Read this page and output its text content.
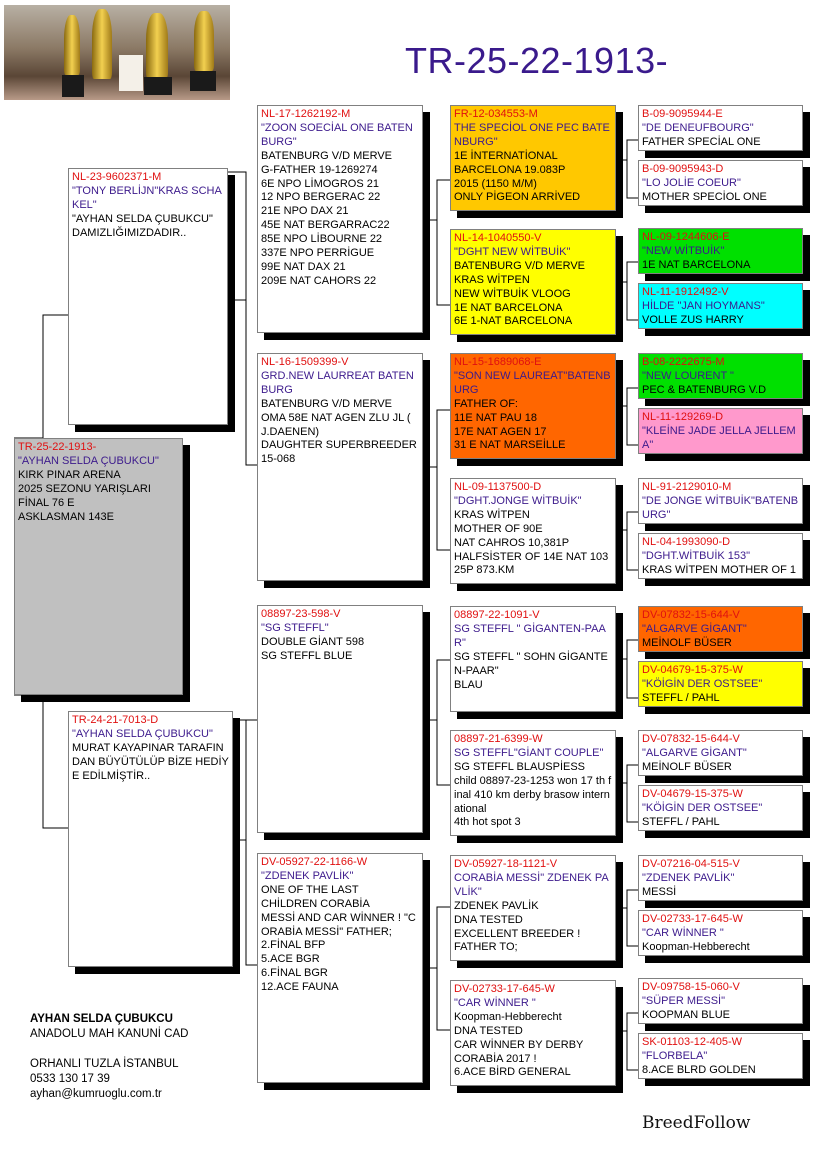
TR-25-22-1913-
TR-25-22-1913-
"AYHAN SELDA ÇUBUKCU"
KIRK PINAR ARENA
2025 SEZONU YARIŞLARI
FİNAL 76 E
ASKLASMAN 143E
NL-23-9602371-M
"TONY BERLİJN"KRAS SCHAKEL"
"AYHAN SELDA ÇUBUKCU"
DAMIZLIĞIMIZDADIR..
TR-24-21-7013-D
"AYHAN SELDA ÇUBUKCU"
MURAT KAYAPINAR TARAFINDAN BÜYÜTÜLÜP BİZE HEDİYE EDİLMİŞTİR..
NL-17-1262192-M
"ZOON SOECİAL ONE BATENBURG"
BATENBURG V/D MERVE
G-FATHER 19-1269274
6E NPO LİMOGROS 21
12 NPO BERGERAC 22
21E NPO DAX 21
45E NAT BERGARRAC22
85E NPO LİBOURNE 22
337E NPO PERRİGUE
99E NAT DAX 21
209E NAT CAHORS 22
NL-16-1509399-V
GRD.NEW LAURREAT BATENBURG
BATENBURG V/D MERVE
OMA 58E NAT AGEN ZLU JL ( J.DAENEN)
DAUGHTER SUPERBREEDER
15-068
08897-23-598-V
"SG STEFFL"
DOUBLE GİANT 598
SG STEFFL BLUE
DV-05927-22-1166-W
"ZDENEK PAVLİK"
ONE OF THE LAST
CHİLDREN CORABİA
MESSİ AND CAR WİNNER ! "CORABİA MESSİ" FATHER;
2.FİNAL BFP
5.ACE BGR
6.FİNAL BGR
12.ACE FAUNA
FR-12-034553-M
THE SPECİOL ONE PEC BATENBURG"
1E İNTERNATİONAL
BARCELONA 19.083P
2015 (1150 M/M)
ONLY PİGEON ARRİVED
NL-14-1040550-V
"DGHT NEW WİTBUİK"
BATENBURG V/D MERVE
KRAS WİTPEN
NEW WİTBUİK VLOOG
1E NAT BARCELONA
6E 1-NAT BARCELONA
NL-15-1689068-E
"SON NEW LAUREAT"BATENBURG
FATHER OF:
11E NAT PAU 18
17E NAT AGEN 17
31 E NAT MARSEİLLE
NL-09-1137500-D
"DGHT.JONGE WİTBUİK"
KRAS WİTPEN
MOTHER OF 90E
NAT CAHROS 10,381P
HALFSİSTER OF 14E NAT 10325P 873.KM
08897-22-1091-V
SG STEFFL " GİGANTEN-PAAR"
SG STEFFL " SOHN GİGANTEN-PAAR"
BLAU
08897-21-6399-W
SG STEFFL"GİANT COUPLE"
SG STEFFL BLAUSPİESS
child 08897-23-1253 won 17 th final 410 km derby brasow international
4th hot spot 3
DV-05927-18-1121-V
CORABİA MESSİ" ZDENEK PAVLİK"
ZDENEK PAVLİK
DNA TESTED
EXCELLENT BREEDER !
FATHER TO;
DV-02733-17-645-W
"CAR WİNNER "
Koopman-Hebberecht
DNA TESTED
CAR WİNNER BY DERBY
CORABİA 2017 !
6.ACE BİRD GENERAL
B-09-9095944-E
"DE DENEUFBOURG"
FATHER SPECİAL ONE
B-09-9095943-D
"LO JOLİE COEUR"
MOTHER SPECİOL ONE
NL-09-1244606-E
"NEW WİTBUİK"
1E NAT BARCELONA
NL-11-1912492-V
HİLDE "JAN HOYMANS"
VOLLE ZUS HARRY
B-08-2222675-M
"NEW LOURENT "
PEC & BATENBURG V.D
NL-11-129269-D
"KLEİNE JADE JELLA JELLEMA"
NL-91-2129010-M
"DE JONGE WİTBUİK"BATENBURG"
NL-04-1993090-D
"DGHT.WİTBUİK 153"
KRAS WİTPEN MOTHER OF 1
DV-07832-15-644-V
"ALGARVE GİGANT"
MEİNOLF BÜSER
DV-04679-15-375-W
"KÖİGİN DER OSTSEE"
STEFFL / PAHL
DV-07832-15-644-V
"ALGARVE GİGANT"
MEİNOLF BÜSER
DV-04679-15-375-W
"KÖİGİN DER OSTSEE"
STEFFL / PAHL
DV-07216-04-515-V
"ZDENEK PAVLİK"
MESSİ
DV-02733-17-645-W
"CAR WİNNER "
Koopman-Hebberecht
DV-09758-15-060-V
"SÜPER MESSİ"
KOOPMAN BLUE
SK-01103-12-405-W
"FLORBELA"
8.ACE BLRD GOLDEN
AYHAN SELDA ÇUBUKCU
ANADOLU MAH KANUNİ CAD
ORHANLI TUZLA İSTANBUL
0533 130 17 39
ayhan@kumruoglu.com.tr
BreedFollow
